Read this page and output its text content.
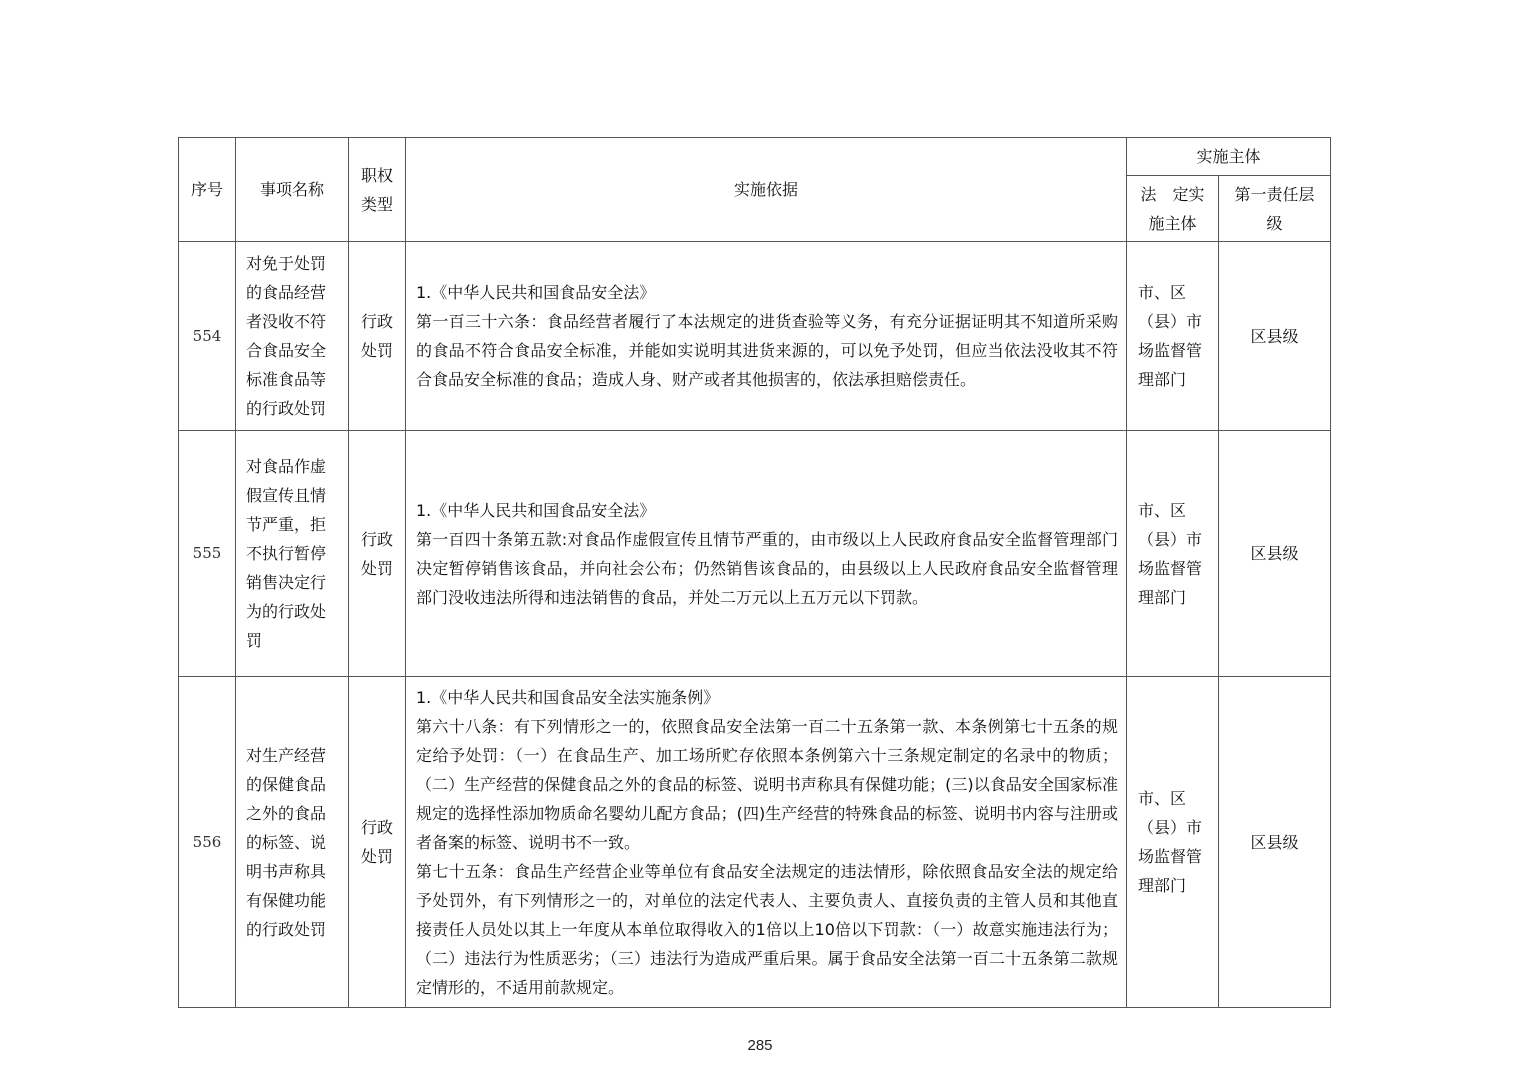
序号	事项名称	职权类型	实施依据	实施主体	
				法　定实施主体	第一责任层级
554	对免于处罚的食品经营者没收不符合食品安全标准食品等的行政处罚	行政处罚	1.《中华人民共和国食品安全法》

第一百三十六条：食品经营者履行了本法规定的进货查验等义务，有充分证据证明其不知道所采购的食品不符合食品安全标准，并能如实说明其进货来源的，可以免予处罚，但应当依法没收其不符合食品安全标准的食品；造成人身、财产或者其他损害的，依法承担赔偿责任。	市、区（县）市场监督管理部门	区县级
555	对食品作虚假宣传且情节严重，拒不执行暂停销售决定行为的行政处罚	行政处罚	1.《中华人民共和国食品安全法》

第一百四十条第五款:对食品作虚假宣传且情节严重的，由市级以上人民政府食品安全监督管理部门决定暂停销售该食品，并向社会公布；仍然销售该食品的，由县级以上人民政府食品安全监督管理部门没收违法所得和违法销售的食品，并处二万元以上五万元以下罚款。	市、区（县）市场监督管理部门	区县级
556	对生产经营的保健食品之外的食品的标签、说明书声称具有保健功能的行政处罚	行政处罚	1.《中华人民共和国食品安全法实施条例》

第六十八条：有下列情形之一的，依照食品安全法第一百二十五条第一款、本条例第七十五条的规定给予处罚：（一）在食品生产、加工场所贮存依照本条例第六十三条规定制定的名录中的物质；（二）生产经营的保健食品之外的食品的标签、说明书声称具有保健功能；(三)以食品安全国家标准规定的选择性添加物质命名婴幼儿配方食品；(四)生产经营的特殊食品的标签、说明书内容与注册或者备案的标签、说明书不一致。

第七十五条：食品生产经营企业等单位有食品安全法规定的违法情形，除依照食品安全法的规定给予处罚外，有下列情形之一的，对单位的法定代表人、主要负责人、直接负责的主管人员和其他直接责任人员处以其上一年度从本单位取得收入的1倍以上10倍以下罚款：（一）故意实施违法行为；（二）违法行为性质恶劣；（三）违法行为造成严重后果。属于食品安全法第一百二十五条第二款规定情形的，不适用前款规定。	市、区（县）市场监督管理部门	区县级
285
